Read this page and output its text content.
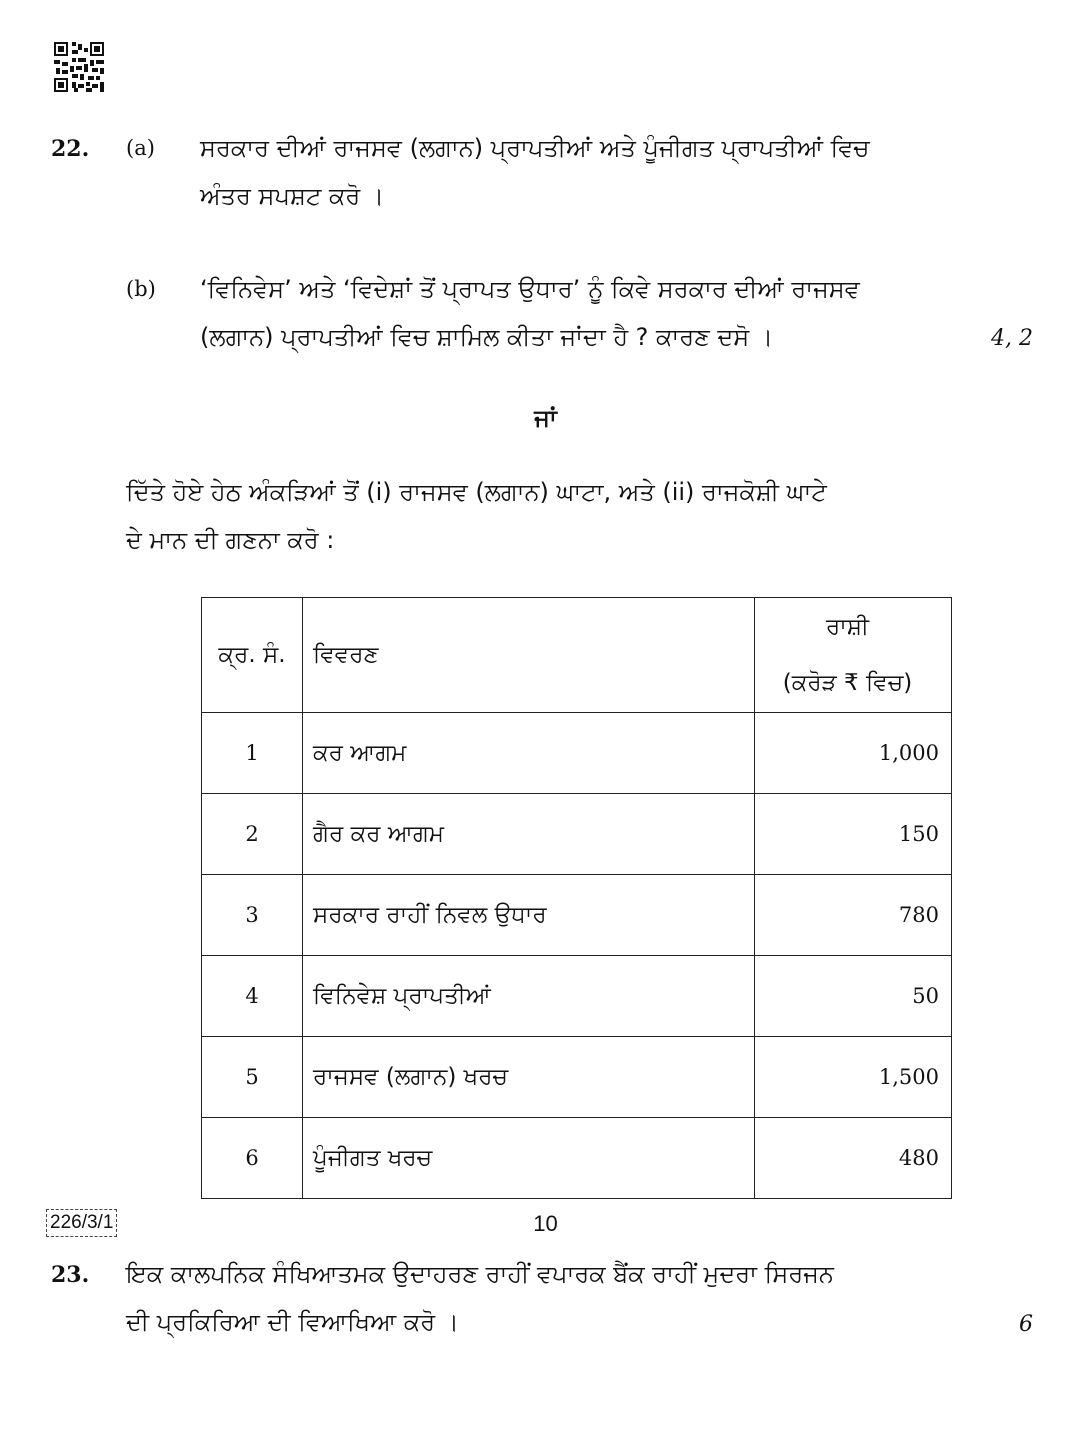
22. (a) ਸਰਕਾਰ ਦੀਆਂ ਰਾਜਸਵ (ਲਗਾਨ) ਪ੍ਰਾਪਤੀਆਂ ਅਤੇ ਪੂੰਜੀਗਤ ਪ੍ਰਾਪਤੀਆਂ ਵਿਚ
ਅੰਤਰ ਸਪਸ਼ਟ ਕਰੋ ।
(b) ‘ਵਿਨਿਵੇਸ’ ਅਤੇ ‘ਵਿਦੇਸ਼ਾਂ ਤੋਂ ਪ੍ਰਾਪਤ ਉਧਾਰ’ ਨੂੰ ਕਿਵੇ ਸਰਕਾਰ ਦੀਆਂ ਰਾਜਸਵ
(ਲਗਾਨ) ਪ੍ਰਾਪਤੀਆਂ ਵਿਚ ਸ਼ਾਮਿਲ ਕੀਤਾ ਜਾਂਦਾ ਹੈ ? ਕਾਰਣ ਦਸੋ ।	4, 2
ਜਾਂ
ਦਿੱਤੇ ਹੋਏ ਹੇਠ ਅੰਕੜਿਆਂ ਤੋਂ (i) ਰਾਜਸਵ (ਲਗਾਨ) ਘਾਟਾ, ਅਤੇ (ii) ਰਾਜਕੋਸ਼ੀ ਘਾਟੇ
ਦੇ ਮਾਨ ਦੀ ਗਣਨਾ ਕਰੋ :
ਕ੍ਰ. ਸੰ.	ਵਿਵਰਣ	ਰਾਸ਼ੀ
(ਕਰੋੜ ₹ ਵਿਚ)

1	ਕਰ ਆਗਮ	1,000
2	ਗੈਰ ਕਰ ਆਗਮ	150
3	ਸਰਕਾਰ ਰਾਹੀਂ ਨਿਵਲ ਉਧਾਰ	780
4	ਵਿਨਿਵੇਸ਼ ਪ੍ਰਾਪਤੀਆਂ	50
5	ਰਾਜਸਵ (ਲਗਾਨ) ਖਰਚ	1,500
6	ਪੂੰਜੀਗਤ ਖਰਚ	480
23. ਇਕ ਕਾਲਪਨਿਕ ਸੰਖਿਆਤਮਕ ਉਦਾਹਰਣ ਰਾਹੀਂ ਵਪਾਰਕ ਬੈਂਕ ਰਾਹੀਂ ਮੁਦਰਾ ਸਿਰਜਨ
ਦੀ ਪ੍ਰਕਿਰਿਆ ਦੀ ਵਿਆਖਿਆ ਕਰੋ ।	6
226/3/1	10
